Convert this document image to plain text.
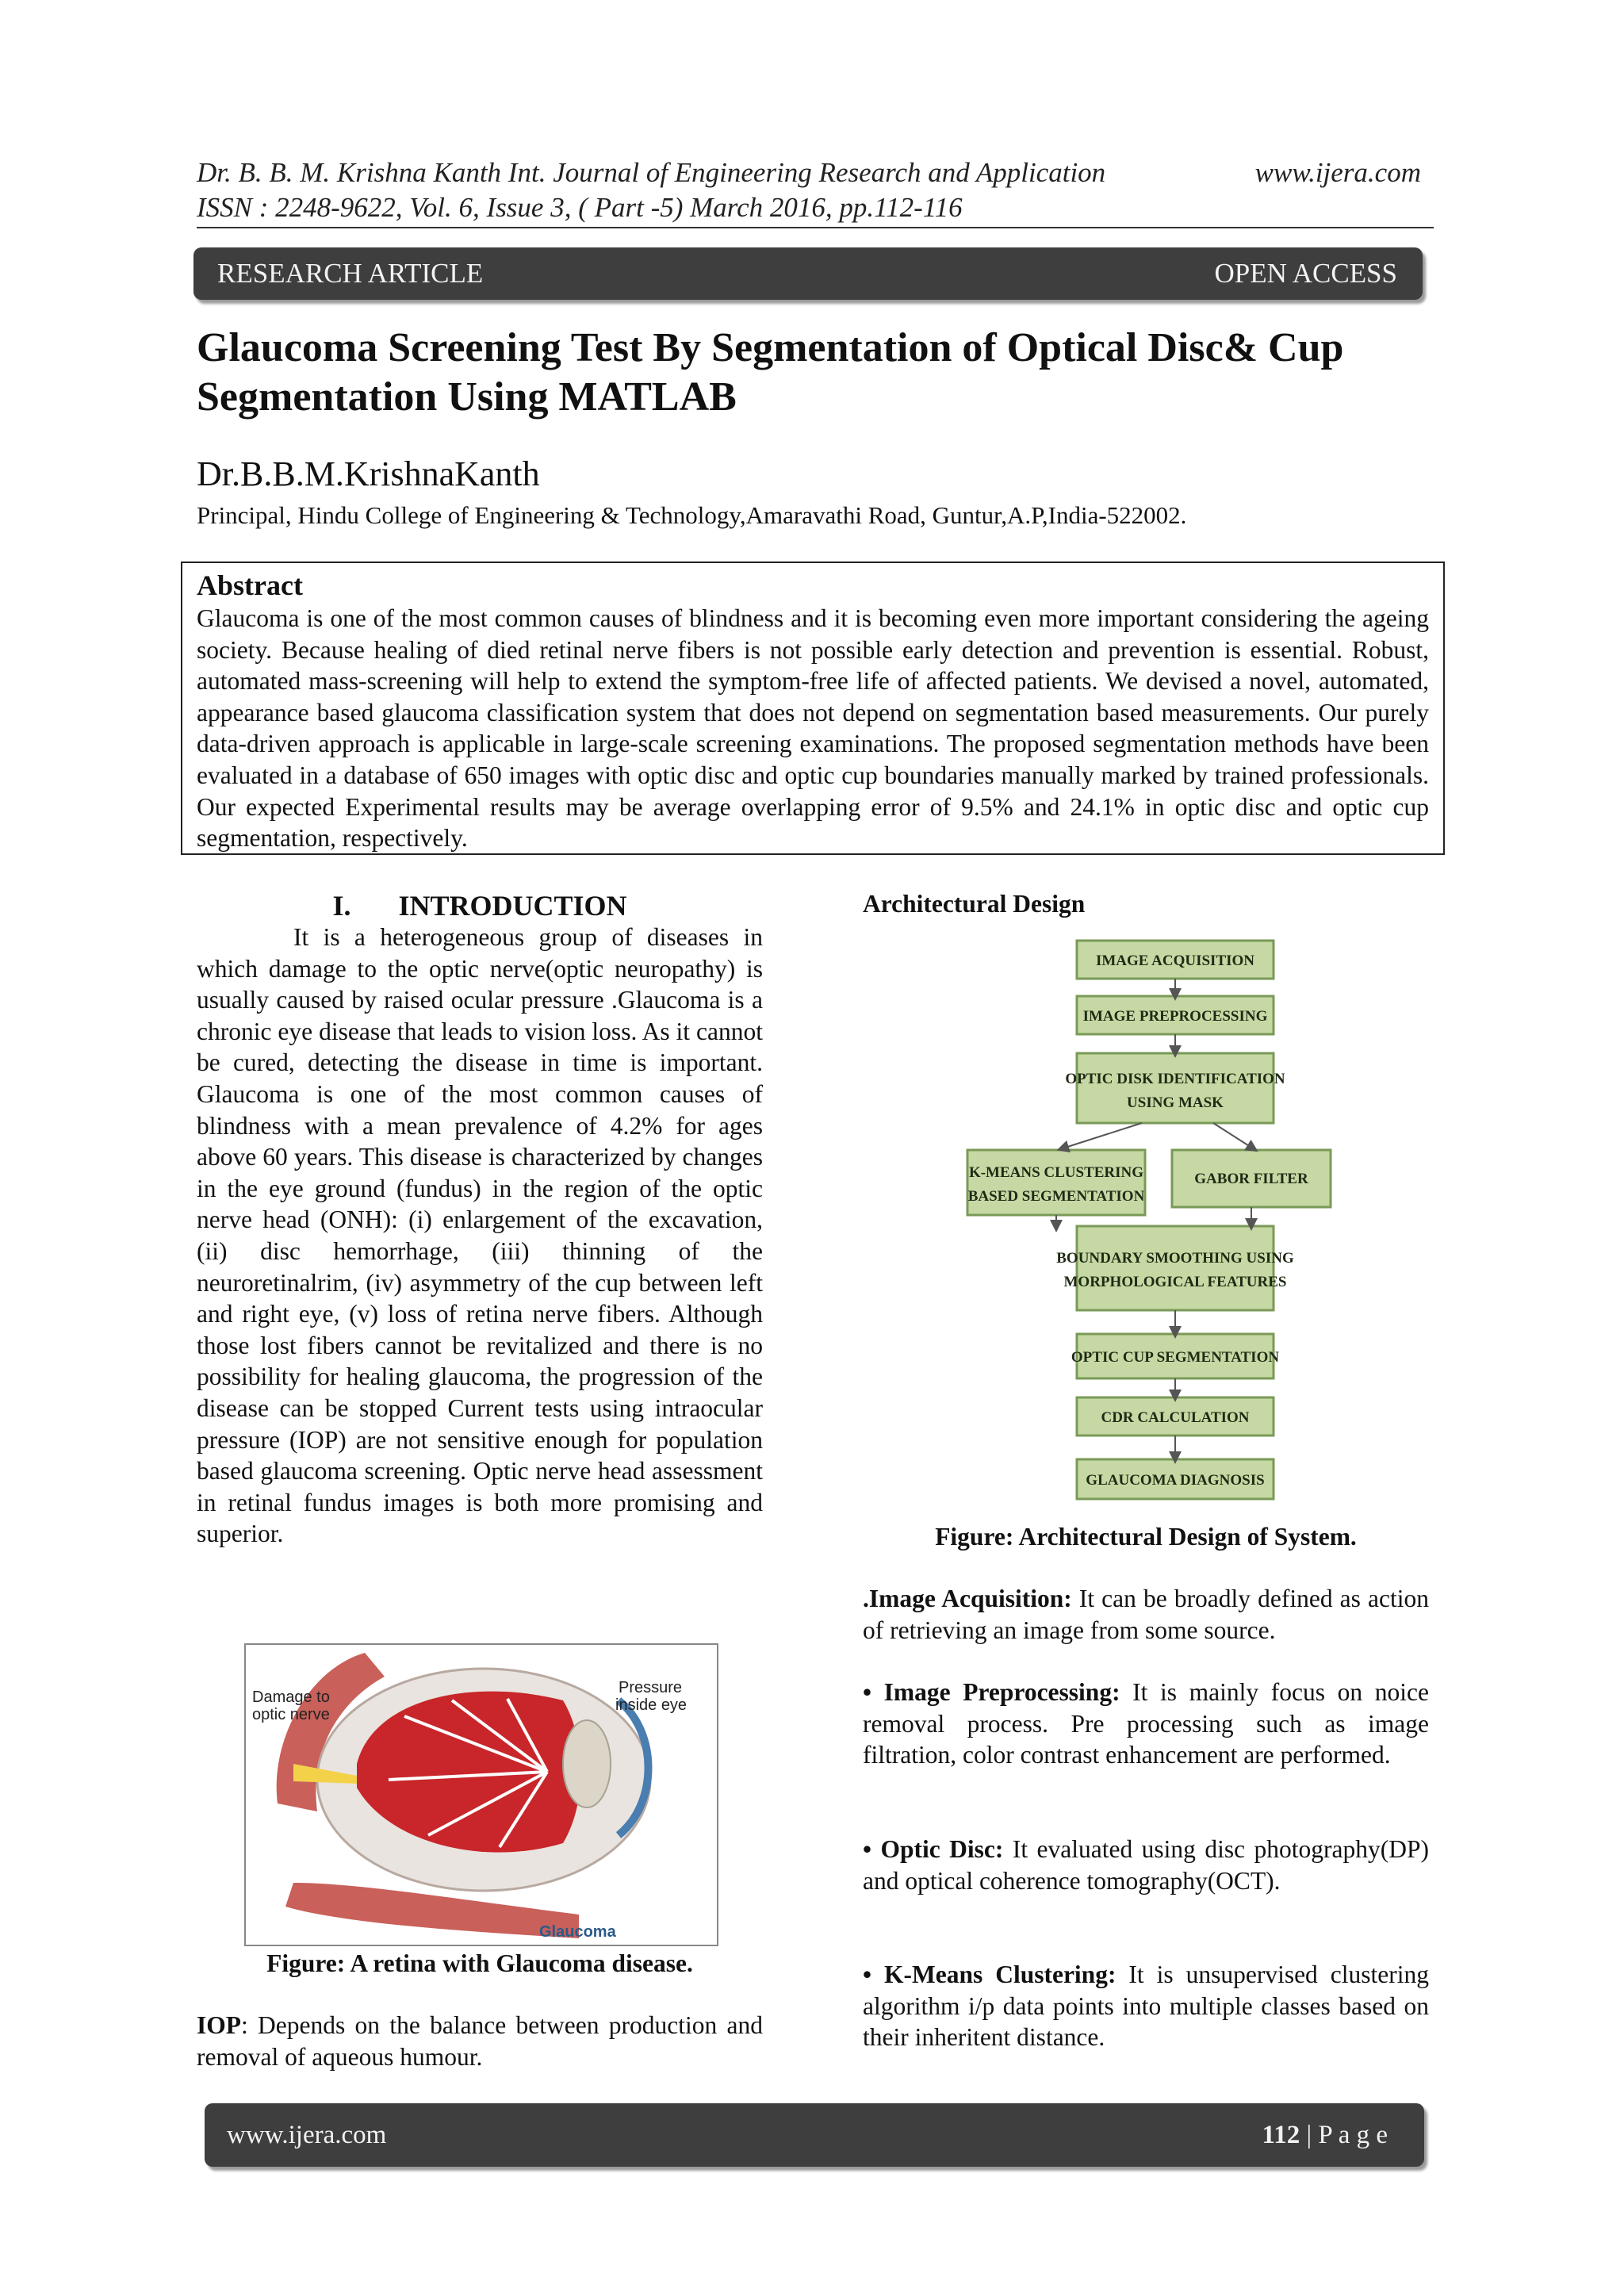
Dr. B. B. M. Krishna Kanth Int. Journal of Engineering Research and Application	www.ijera.com
ISSN : 2248-9622, Vol. 6, Issue 3, ( Part -5) March 2016, pp.112-116
RESEARCH ARTICLE	OPEN ACCESS
Glaucoma Screening Test By Segmentation of Optical Disc& Cup Segmentation Using MATLAB
Dr.B.B.M.KrishnaKanth
Principal, Hindu College of Engineering & Technology,Amaravathi Road, Guntur,A.P,India-522002.
Abstract
Glaucoma is one of the most common causes of blindness and it is becoming even more important considering the ageing society. Because healing of died retinal nerve fibers is not possible early detection and prevention is essential. Robust, automated mass-screening will help to extend the symptom-free life of affected patients. We devised a novel, automated, appearance based glaucoma classification system that does not depend on segmentation based measurements. Our purely data-driven approach is applicable in large-scale screening examinations. The proposed segmentation methods have been evaluated in a database of 650 images with optic disc and optic cup boundaries manually marked by trained professionals. Our expected Experimental results may be average overlapping error of 9.5% and 24.1% in optic disc and optic cup segmentation, respectively.
I. INTRODUCTION
It is a heterogeneous group of diseases in which damage to the optic nerve(optic neuropathy) is usually caused by raised ocular pressure .Glaucoma is a chronic eye disease that leads to vision loss. As it cannot be cured, detecting the disease in time is important. Glaucoma is one of the most common causes of blindness with a mean prevalence of 4.2% for ages above 60 years. This disease is characterized by changes in the eye ground (fundus) in the region of the optic nerve head (ONH): (i) enlargement of the excavation, (ii) disc hemorrhage, (iii) thinning of the neuroretinalrim, (iv) asymmetry of the cup between left and right eye, (v) loss of retina nerve fibers. Although those lost fibers cannot be revitalized and there is no possibility for healing glaucoma, the progression of the disease can be stopped Current tests using intraocular pressure (IOP) are not sensitive enough for population based glaucoma screening. Optic nerve head assessment in retinal fundus images is both more promising and superior.
Damage to optic nerve
Pressure inside eye
Glaucoma
Figure: A retina with Glaucoma disease.
IOP: Depends on the balance between production and removal of aqueous humour.
Architectural Design
IMAGE ACQUISITION
IMAGE PREPROCESSING
OPTIC DISK IDENTIFICATION
USING MASK
K-MEANS CLUSTERING
BASED SEGMENTATION
GABOR FILTER
BOUNDARY SMOOTHING USING
MORPHOLOGICAL FEATURES
OPTIC CUP SEGMENTATION
CDR CALCULATION
GLAUCOMA DIAGNOSIS
Figure: Architectural Design of System.
.Image Acquisition: It can be broadly defined as action of retrieving an image from some source.
• Image Preprocessing: It is mainly focus on noice removal process. Pre processing such as image filtration, color contrast enhancement are performed.
• Optic Disc: It evaluated using disc photography(DP) and optical coherence tomography(OCT).
• K-Means Clustering: It is unsupervised clustering algorithm i/p data points into multiple classes based on their inheritent distance.
www.ijera.com	112 | P a g e
